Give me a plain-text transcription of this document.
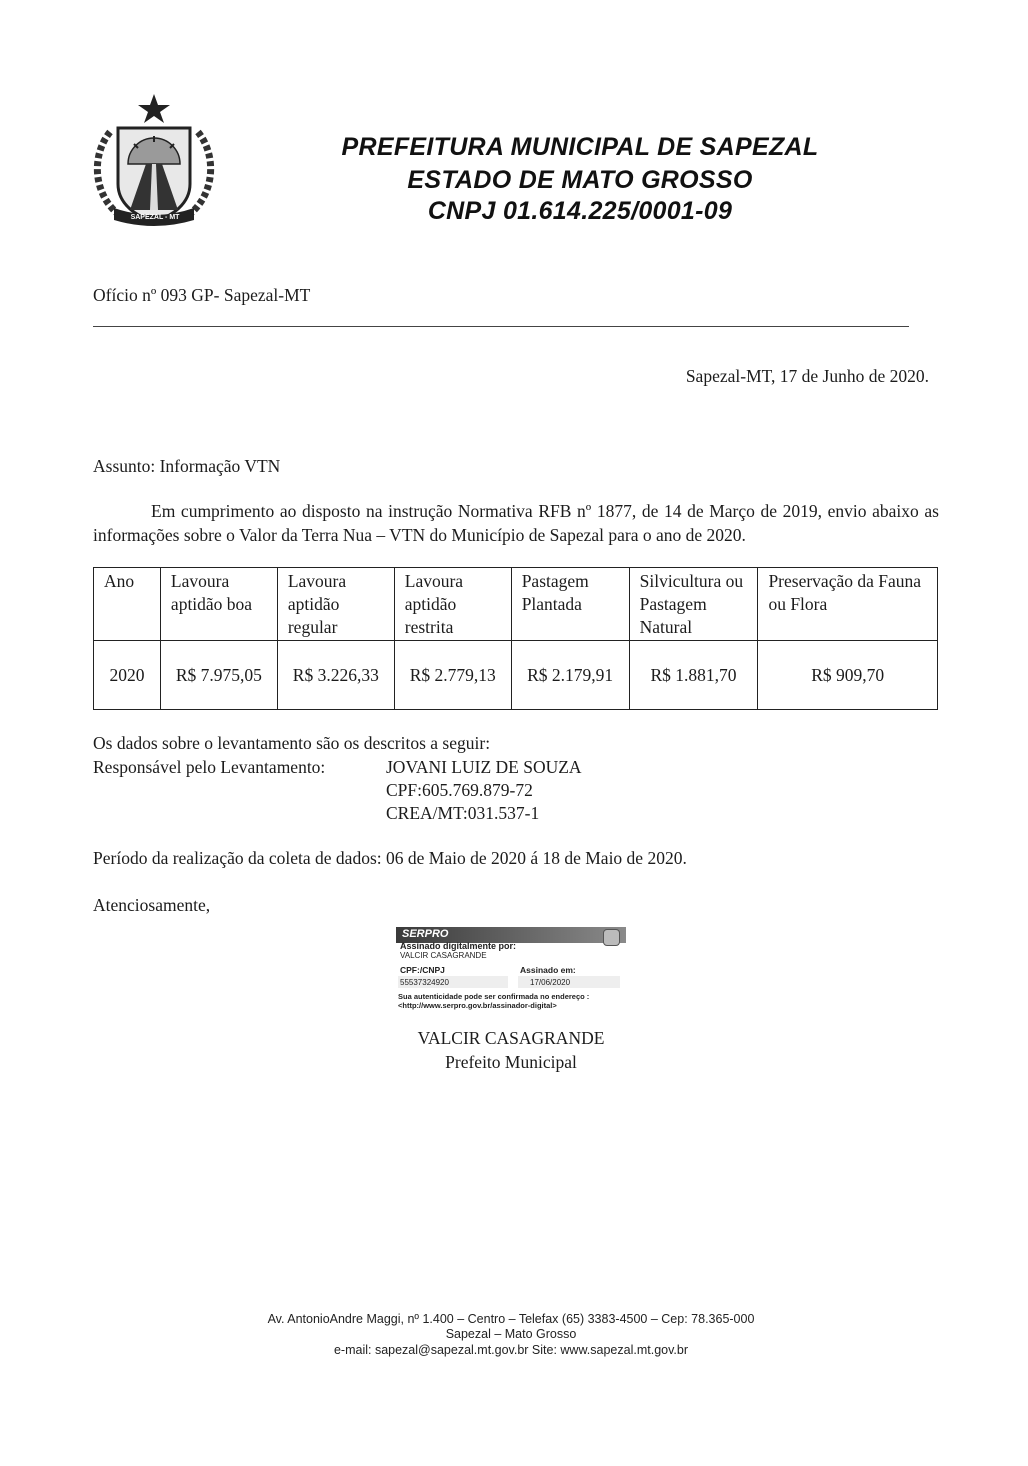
SAPEZAL - MT
PREFEITURA MUNICIPAL DE SAPEZAL
ESTADO DE MATO GROSSO
CNPJ 01.614.225/0001-09
Ofício nº 093 GP- Sapezal-MT
Sapezal-MT, 17 de Junho de 2020.
Assunto: Informação VTN
Em cumprimento ao disposto na instrução Normativa RFB nº 1877, de 14 de Março de 2019, envio abaixo as informações sobre o Valor da Terra Nua – VTN do Município de Sapezal para o ano de 2020.
Ano	Lavoura aptidão boa	Lavoura aptidão regular	Lavoura aptidão restrita	Pastagem Plantada	Silvicultura ou Pastagem Natural	Preservação da Fauna ou Flora
2020	R$ 7.975,05	R$ 3.226,33	R$ 2.779,13	R$ 2.179,91	R$ 1.881,70	R$ 909,70
Os dados sobre o levantamento são os descritos a seguir:
Responsável pelo Levantamento:	JOVANI LUIZ DE SOUZA
CPF:605.769.879-72
CREA/MT:031.537-1
Período da realização da coleta de dados: 06 de Maio de 2020 á 18 de Maio de 2020.
Atenciosamente,
SERPRO
Assinado digitalmente por:
VALCIR CASAGRANDE
CPF:/CNPJ	Assinado em:
55537324920	17/06/2020
Sua autenticidade pode ser confirmada no endereço :
<http://www.serpro.gov.br/assinador-digital>
VALCIR CASAGRANDE
Prefeito Municipal
Av. AntonioAndre Maggi, nº 1.400 – Centro – Telefax (65) 3383-4500 – Cep: 78.365-000
Sapezal – Mato Grosso
e-mail: sapezal@sapezal.mt.gov.br Site: www.sapezal.mt.gov.br
